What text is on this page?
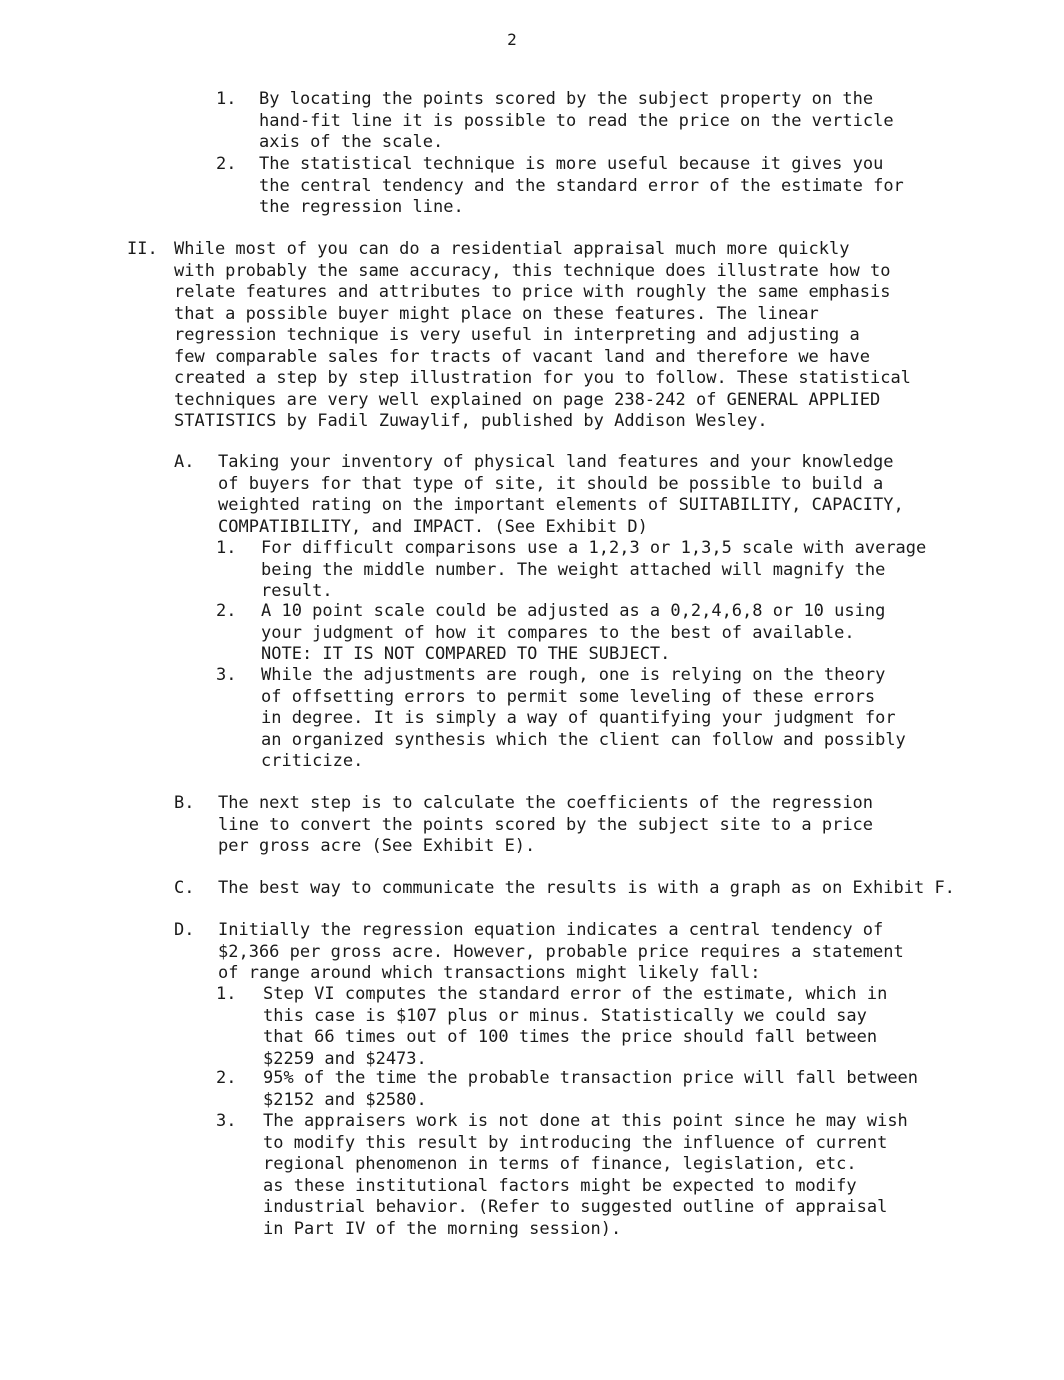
2
1. By locating the points scored by the subject property on the
hand-fit line it is possible to read the price on the verticle
axis of the scale.
2. The statistical technique is more useful because it gives you
the central tendency and the standard error of the estimate for
the regression line.
II. While most of you can do a residential appraisal much more quickly
with probably the same accuracy, this technique does illustrate how to
relate features and attributes to price with roughly the same emphasis
that a possible buyer might place on these features. The linear
regression technique is very useful in interpreting and adjusting a
few comparable sales for tracts of vacant land and therefore we have
created a step by step illustration for you to follow. These statistical
techniques are very well explained on page 238-242 of GENERAL APPLIED
STATISTICS by Fadil Zuwaylif, published by Addison Wesley.
A. Taking your inventory of physical land features and your knowledge
of buyers for that type of site, it should be possible to build a
weighted rating on the important elements of SUITABILITY, CAPACITY,
COMPATIBILITY, and IMPACT. (See Exhibit D)
1. For difficult comparisons use a 1,2,3 or 1,3,5 scale with average
being the middle number. The weight attached will magnify the
result.
2. A 10 point scale could be adjusted as a 0,2,4,6,8 or 10 using
your judgment of how it compares to the best of available.
NOTE: IT IS NOT COMPARED TO THE SUBJECT.
3. While the adjustments are rough, one is relying on the theory
of offsetting errors to permit some leveling of these errors
in degree. It is simply a way of quantifying your judgment for
an organized synthesis which the client can follow and possibly
criticize.
B. The next step is to calculate the coefficients of the regression
line to convert the points scored by the subject site to a price
per gross acre (See Exhibit E).
C. The best way to communicate the results is with a graph as on Exhibit F.
D. Initially the regression equation indicates a central tendency of
$2,366 per gross acre. However, probable price requires a statement
of range around which transactions might likely fall:
1. Step VI computes the standard error of the estimate, which in
this case is $107 plus or minus. Statistically we could say
that 66 times out of 100 times the price should fall between
$2259 and $2473.
2. 95% of the time the probable transaction price will fall between
$2152 and $2580.
3. The appraisers work is not done at this point since he may wish
to modify this result by introducing the influence of current
regional phenomenon in terms of finance, legislation, etc.
as these institutional factors might be expected to modify
industrial behavior. (Refer to suggested outline of appraisal
in Part IV of the morning session).
